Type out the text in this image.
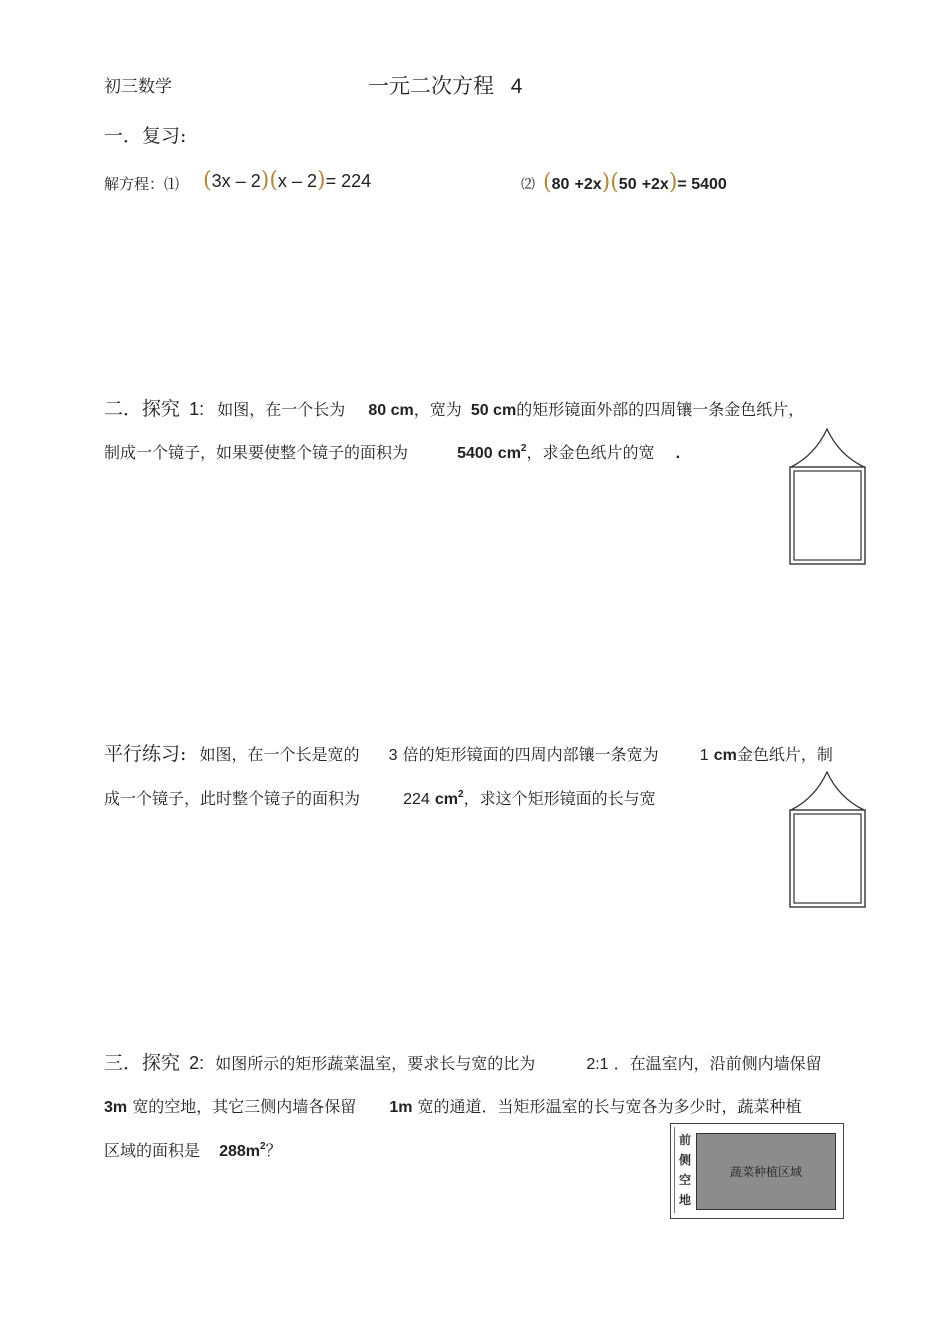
初三数学	一元二次方程 4
一．复习:
解方程：⑴ (3x – 2)(x – 2)= 224	⑵ (80 +2x)(50 +2x)= 5400
二．探究 1: 如图，在一个长为 80 cm，宽为 50 cm的矩形镜面外部的四周镶一条金色纸片，
制成一个镜子，如果要使整个镜子的面积为	5400 $cm^2$，求金色纸片的宽 .
平行练习: 如图，在一个长是宽的 3 倍的矩形镜面的四周内部镶一条宽为	1 cm金色纸片，制
成一个镜子，此时整个镜子的面积为	224 $cm^2$，求这个矩形镜面的长与宽
三．探究 2: 如图所示的矩形蔬菜温室，要求长与宽的比为	2:1 ．在温室内，沿前侧内墙保留
3m 宽的空地，其它三侧内墙各保留 1m 宽的通道．当矩形温室的长与宽各为多少时，蔬菜种植
区域的面积是 $288m^2$？
前
侧
空
地
蔬菜种植区域
